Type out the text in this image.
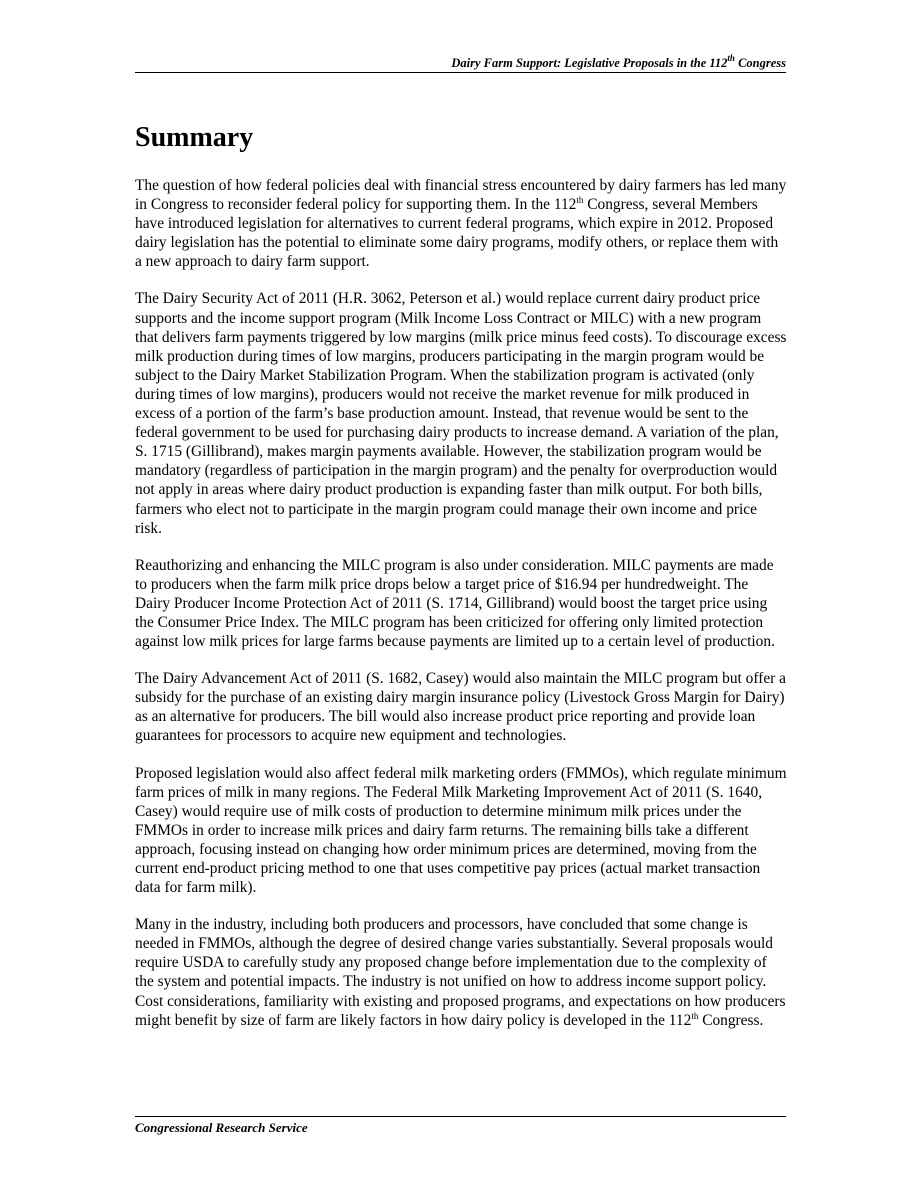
Dairy Farm Support: Legislative Proposals in the 112th Congress
Summary

The question of how federal policies deal with financial stress encountered by dairy farmers has led many in Congress to reconsider federal policy for supporting them. In the 112th Congress, several Members have introduced legislation for alternatives to current federal programs, which expire in 2012. Proposed dairy legislation has the potential to eliminate some dairy programs, modify others, or replace them with a new approach to dairy farm support.

The Dairy Security Act of 2011 (H.R. 3062, Peterson et al.) would replace current dairy product price supports and the income support program (Milk Income Loss Contract or MILC) with a new program that delivers farm payments triggered by low margins (milk price minus feed costs). To discourage excess milk production during times of low margins, producers participating in the margin program would be subject to the Dairy Market Stabilization Program. When the stabilization program is activated (only during times of low margins), producers would not receive the market revenue for milk produced in excess of a portion of the farm’s base production amount. Instead, that revenue would be sent to the federal government to be used for purchasing dairy products to increase demand. A variation of the plan, S. 1715 (Gillibrand), makes margin payments available. However, the stabilization program would be mandatory (regardless of participation in the margin program) and the penalty for overproduction would not apply in areas where dairy product production is expanding faster than milk output. For both bills, farmers who elect not to participate in the margin program could manage their own income and price risk.

Reauthorizing and enhancing the MILC program is also under consideration. MILC payments are made to producers when the farm milk price drops below a target price of $16.94 per hundredweight. The Dairy Producer Income Protection Act of 2011 (S. 1714, Gillibrand) would boost the target price using the Consumer Price Index. The MILC program has been criticized for offering only limited protection against low milk prices for large farms because payments are limited up to a certain level of production.

The Dairy Advancement Act of 2011 (S. 1682, Casey) would also maintain the MILC program but offer a subsidy for the purchase of an existing dairy margin insurance policy (Livestock Gross Margin for Dairy) as an alternative for producers. The bill would also increase product price reporting and provide loan guarantees for processors to acquire new equipment and technologies.

Proposed legislation would also affect federal milk marketing orders (FMMOs), which regulate minimum farm prices of milk in many regions. The Federal Milk Marketing Improvement Act of 2011 (S. 1640, Casey) would require use of milk costs of production to determine minimum milk prices under the FMMOs in order to increase milk prices and dairy farm returns. The remaining bills take a different approach, focusing instead on changing how order minimum prices are determined, moving from the current end-product pricing method to one that uses competitive pay prices (actual market transaction data for farm milk).

Many in the industry, including both producers and processors, have concluded that some change is needed in FMMOs, although the degree of desired change varies substantially. Several proposals would require USDA to carefully study any proposed change before implementation due to the complexity of the system and potential impacts. The industry is not unified on how to address income support policy. Cost considerations, familiarity with existing and proposed programs, and expectations on how producers might benefit by size of farm are likely factors in how dairy policy is developed in the 112th Congress.

Congressional Research Service
